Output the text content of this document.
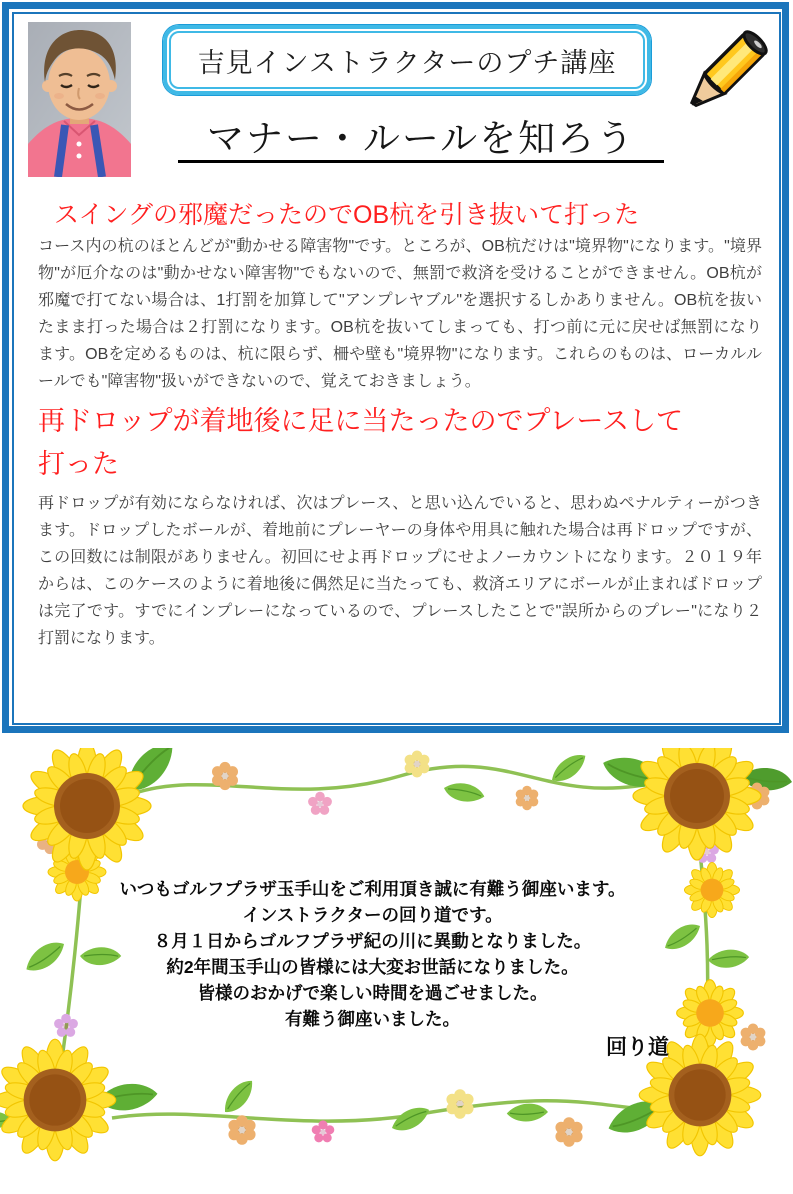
吉見インストラクターのプチ講座
マナー・ルールを知ろう
スイングの邪魔だったのでOB杭を引き抜いて打った
コース内の杭のほとんどが"動かせる障害物"です。ところが、OB杭だけは"境界物"になります。"境界物"が厄介なのは"動かせない障害物"でもないので、無罰で救済を受けることができません。OB杭が邪魔で打てない場合は、1打罰を加算して"アンプレヤブル"を選択するしかありません。OB杭を抜いたまま打った場合は２打罰になります。OB杭を抜いてしまっても、打つ前に元に戻せば無罰になります。OBを定めるものは、杭に限らず、柵や壁も"境界物"になります。これらのものは、ローカルルールでも"障害物"扱いができないので、覚えておきましょう。
再ドロップが着地後に足に当たったのでプレースして
打った
再ドロップが有効にならなければ、次はプレース、と思い込んでいると、思わぬペナルティーがつきます。ドロップしたボールが、着地前にプレーヤーの身体や用具に触れた場合は再ドロップですが、この回数には制限がありません。初回にせよ再ドロップにせよノーカウントになります。２０１９年からは、このケースのように着地後に偶然足に当たっても、救済エリアにボールが止まればドロップは完了です。すでにインプレーになっているので、プレースしたことで"誤所からのプレー"になり２打罰になります。
いつもゴルフプラザ玉手山をご利用頂き誠に有難う御座います。
インストラクターの回り道です。
８月１日からゴルフプラザ紀の川に異動となりました。
約2年間玉手山の皆様には大変お世話になりました。
皆様のおかげで楽しい時間を過ごせました。
有難う御座いました。
回り道
